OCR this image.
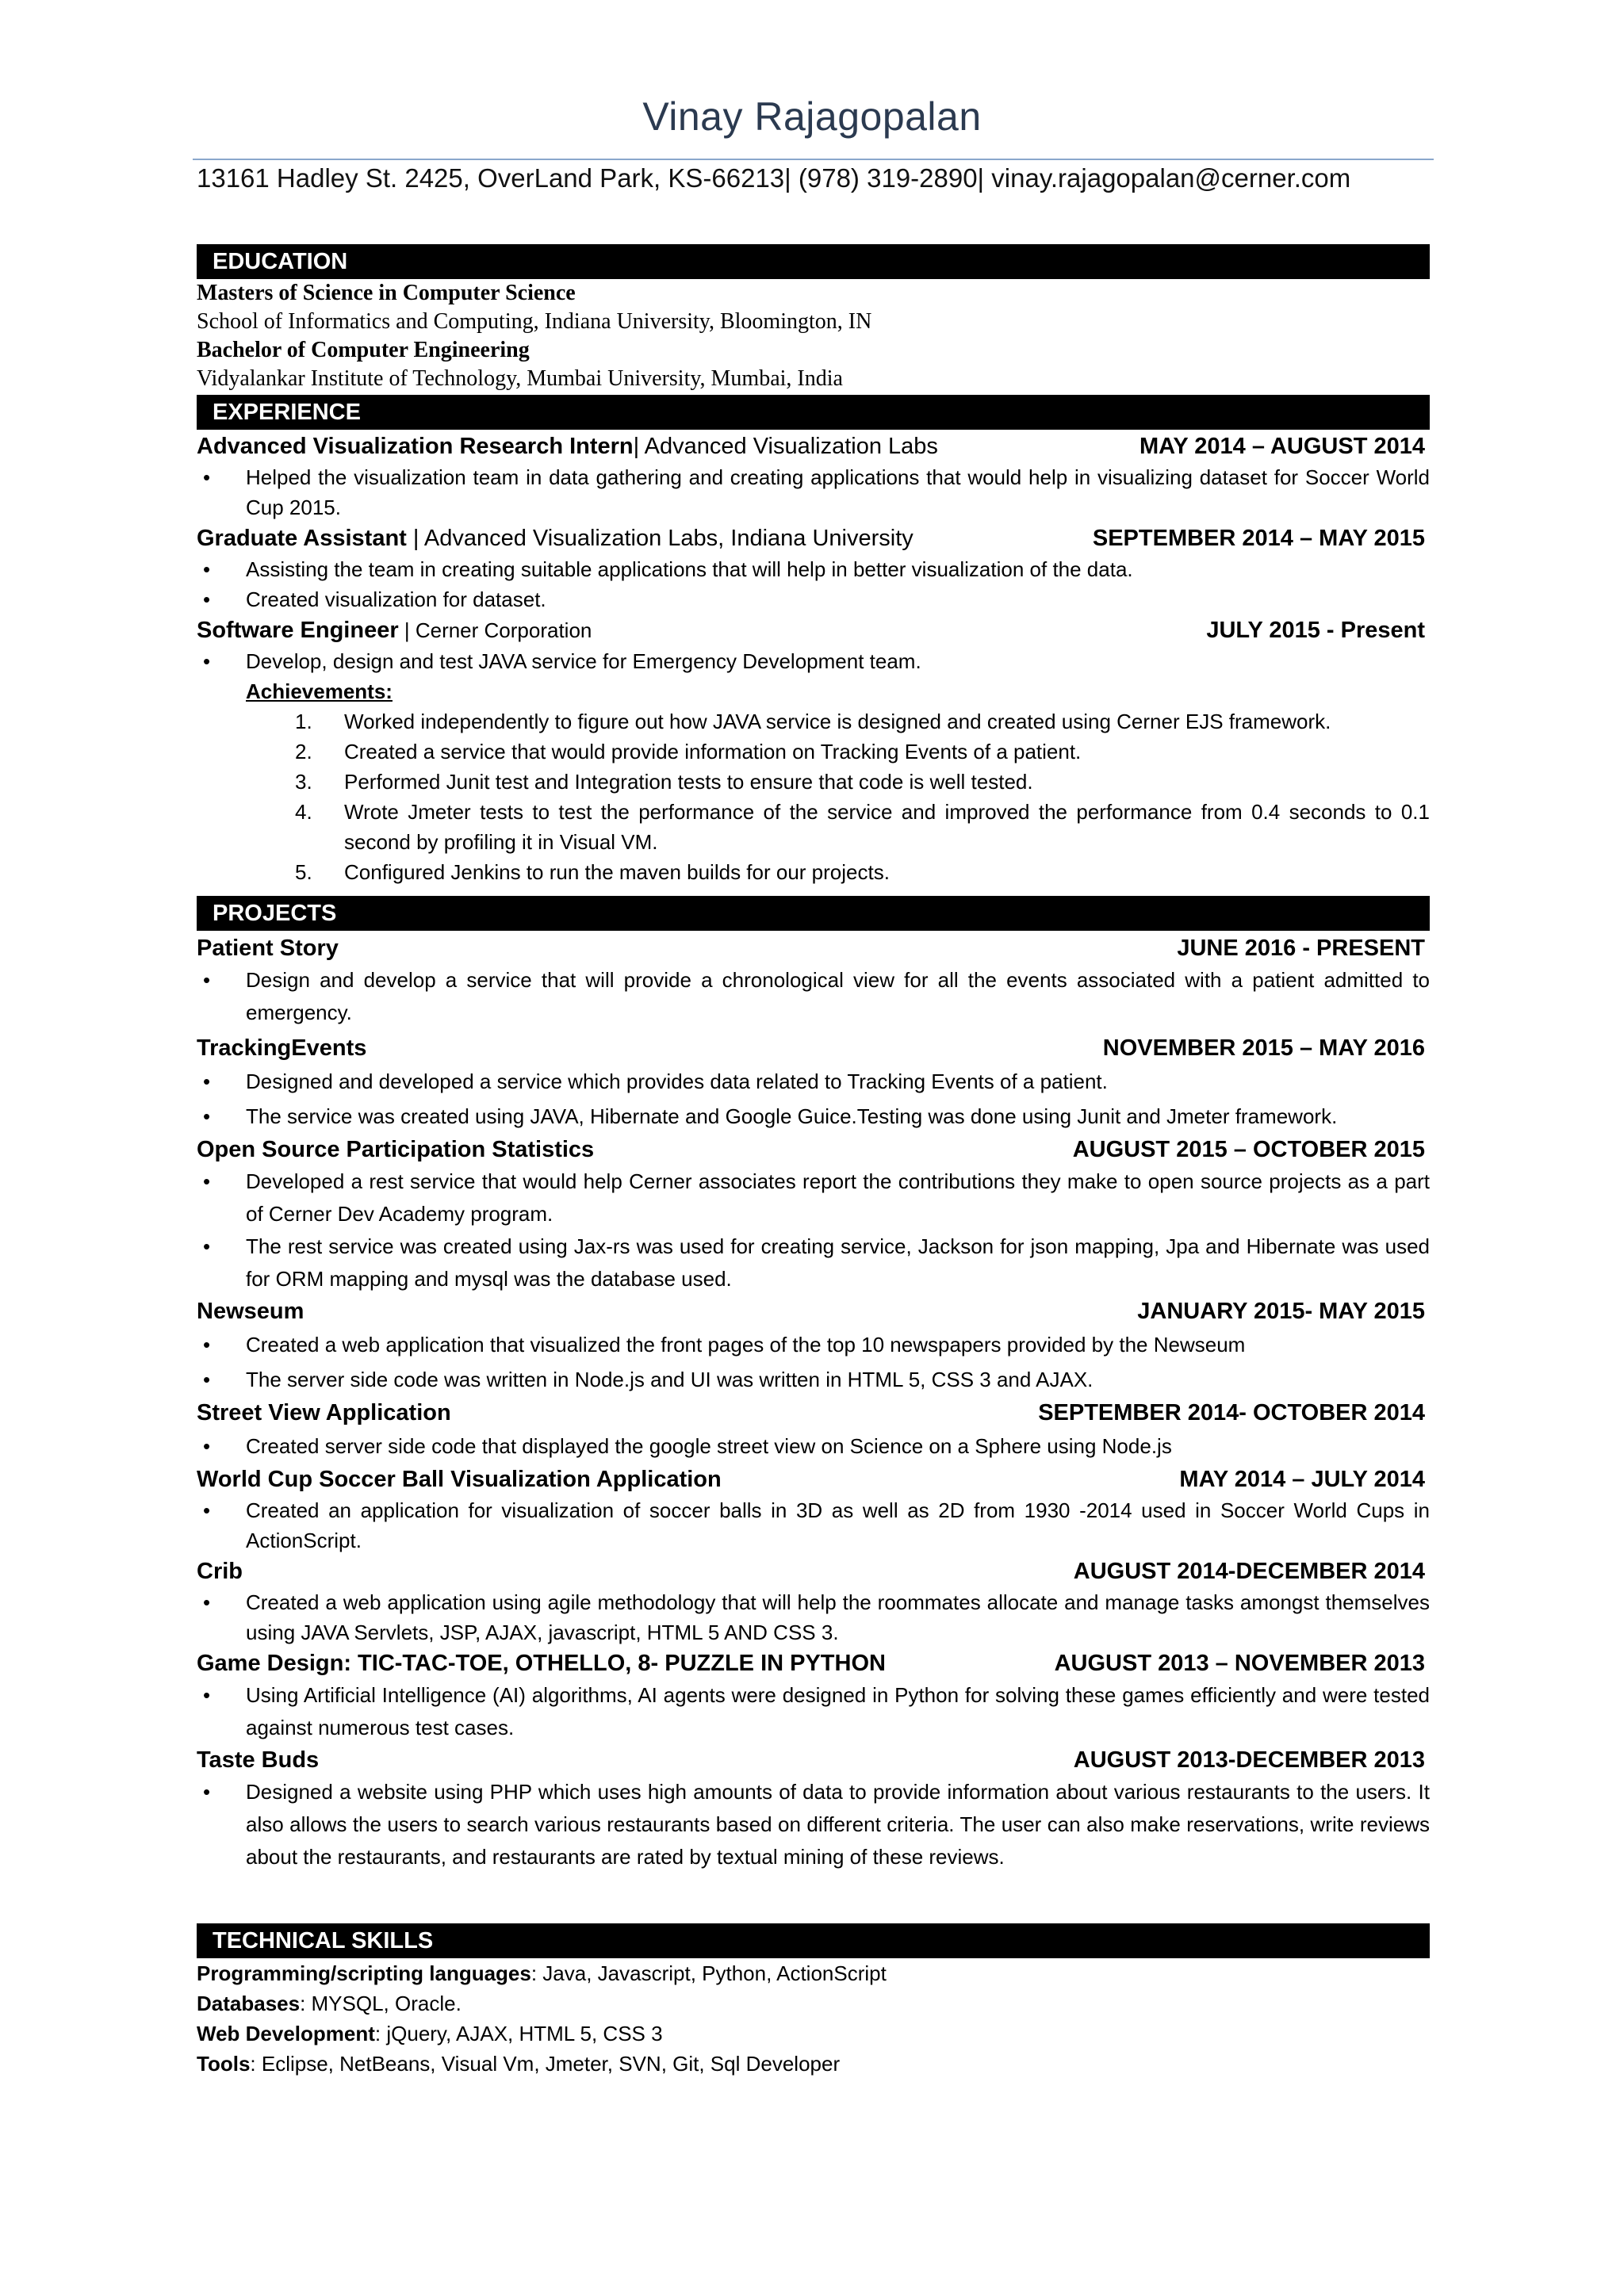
Vinay Rajagopalan
13161 Hadley St. 2425, OverLand Park, KS-66213| (978) 319-2890| vinay.rajagopalan@cerner.com
EDUCATION
Masters of Science in Computer Science
School of Informatics and Computing, Indiana University, Bloomington, IN
Bachelor of Computer Engineering
Vidyalankar Institute of Technology, Mumbai University, Mumbai, India
EXPERIENCE
Advanced Visualization Research Intern| Advanced Visualization Labs	MAY 2014 – AUGUST 2014
• Helped the visualization team in data gathering and creating applications that would help in visualizing dataset for Soccer World Cup 2015.
Graduate Assistant | Advanced Visualization Labs, Indiana University	SEPTEMBER 2014 – MAY 2015
• Assisting the team in creating suitable applications that will help in better visualization of the data.
• Created visualization for dataset.
Software Engineer | Cerner Corporation	JULY 2015 - Present
• Develop, design and test JAVA service for Emergency Development team.
Achievements:
1. Worked independently to figure out how JAVA service is designed and created using Cerner EJS framework.
2. Created a service that would provide information on Tracking Events of a patient.
3. Performed Junit test and Integration tests to ensure that code is well tested.
4. Wrote Jmeter tests to test the performance of the service and improved the performance from 0.4 seconds to 0.1 second by profiling it in Visual VM.
5. Configured Jenkins to run the maven builds for our projects.
PROJECTS
Patient Story	JUNE 2016 - PRESENT
• Design and develop a service that will provide a chronological view for all the events associated with a patient admitted to emergency.
TrackingEvents	NOVEMBER 2015 – MAY 2016
• Designed and developed a service which provides data related to Tracking Events of a patient.
• The service was created using JAVA, Hibernate and Google Guice.Testing was done using Junit and Jmeter framework.
Open Source Participation Statistics	AUGUST 2015 – OCTOBER 2015
• Developed a rest service that would help Cerner associates report the contributions they make to open source projects as a part of Cerner Dev Academy program.
• The rest service was created using Jax-rs was used for creating service, Jackson for json mapping, Jpa and Hibernate was used for ORM mapping and mysql was the database used.
Newseum	JANUARY 2015- MAY 2015
• Created a web application that visualized the front pages of the top 10 newspapers provided by the Newseum
• The server side code was written in Node.js and UI was written in HTML 5, CSS 3 and AJAX.
Street View Application	SEPTEMBER 2014- OCTOBER 2014
• Created server side code that displayed the google street view on Science on a Sphere using Node.js
World Cup Soccer Ball Visualization Application	MAY 2014 – JULY 2014
• Created an application for visualization of soccer balls in 3D as well as 2D from 1930 -2014 used in Soccer World Cups in ActionScript.
Crib	AUGUST 2014-DECEMBER 2014
• Created a web application using agile methodology that will help the roommates allocate and manage tasks amongst themselves using JAVA Servlets, JSP, AJAX, javascript, HTML 5 AND CSS 3.
Game Design: TIC-TAC-TOE, OTHELLO, 8- PUZZLE IN PYTHON	AUGUST 2013 – NOVEMBER 2013
• Using Artificial Intelligence (AI) algorithms, AI agents were designed in Python for solving these games efficiently and were tested against numerous test cases.
Taste Buds	AUGUST 2013-DECEMBER 2013
• Designed a website using PHP which uses high amounts of data to provide information about various restaurants to the users. It also allows the users to search various restaurants based on different criteria. The user can also make reservations, write reviews about the restaurants, and restaurants are rated by textual mining of these reviews.
TECHNICAL SKILLS
Programming/scripting languages: Java, Javascript, Python, ActionScript
Databases: MYSQL, Oracle.
Web Development: jQuery, AJAX, HTML 5, CSS 3
Tools: Eclipse, NetBeans, Visual Vm, Jmeter, SVN, Git, Sql Developer
